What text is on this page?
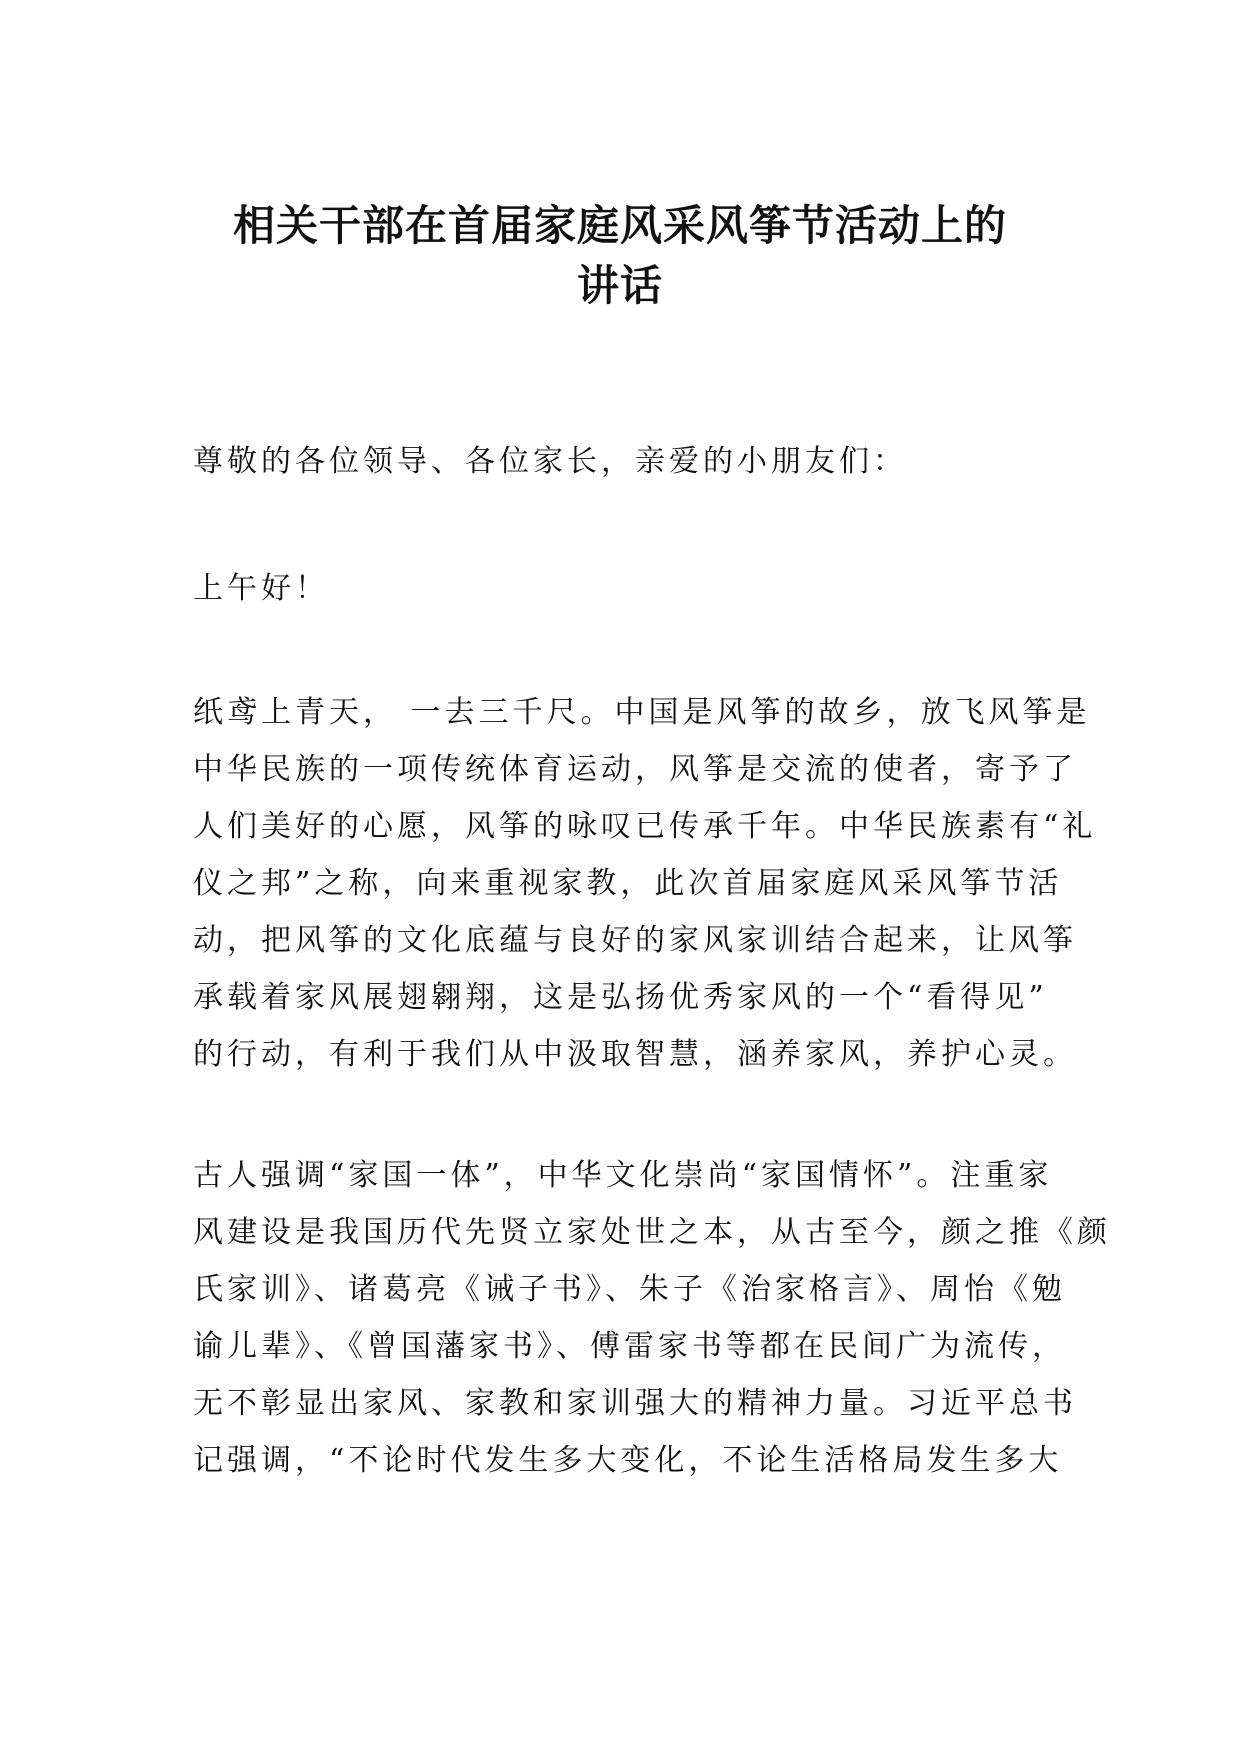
相关干部在首届家庭风采风筝节活动上的
讲话
尊敬的各位领导、各位家长，亲爱的小朋友们：
上午好！
纸鸢上青天， 一去三千尺。中国是风筝的故乡，放飞风筝是
中华民族的一项传统体育运动，风筝是交流的使者，寄予了
人们美好的心愿，风筝的咏叹已传承千年。中华民族素有“礼
仪之邦”之称，向来重视家教，此次首届家庭风采风筝节活
动，把风筝的文化底蕴与良好的家风家训结合起来，让风筝
承载着家风展翅翱翔，这是弘扬优秀家风的一个“看得见”
的行动，有利于我们从中汲取智慧，涵养家风，养护心灵。
古人强调“家国一体”，中华文化崇尚“家国情怀”。注重家
风建设是我国历代先贤立家处世之本，从古至今，颜之推《颜
氏家训》、诸葛亮《诫子书》、朱子《治家格言》、周怡《勉
谕儿辈》、《曾国藩家书》、傅雷家书等都在民间广为流传，
无不彰显出家风、家教和家训强大的精神力量。习近平总书
记强调，“不论时代发生多大变化，不论生活格局发生多大
